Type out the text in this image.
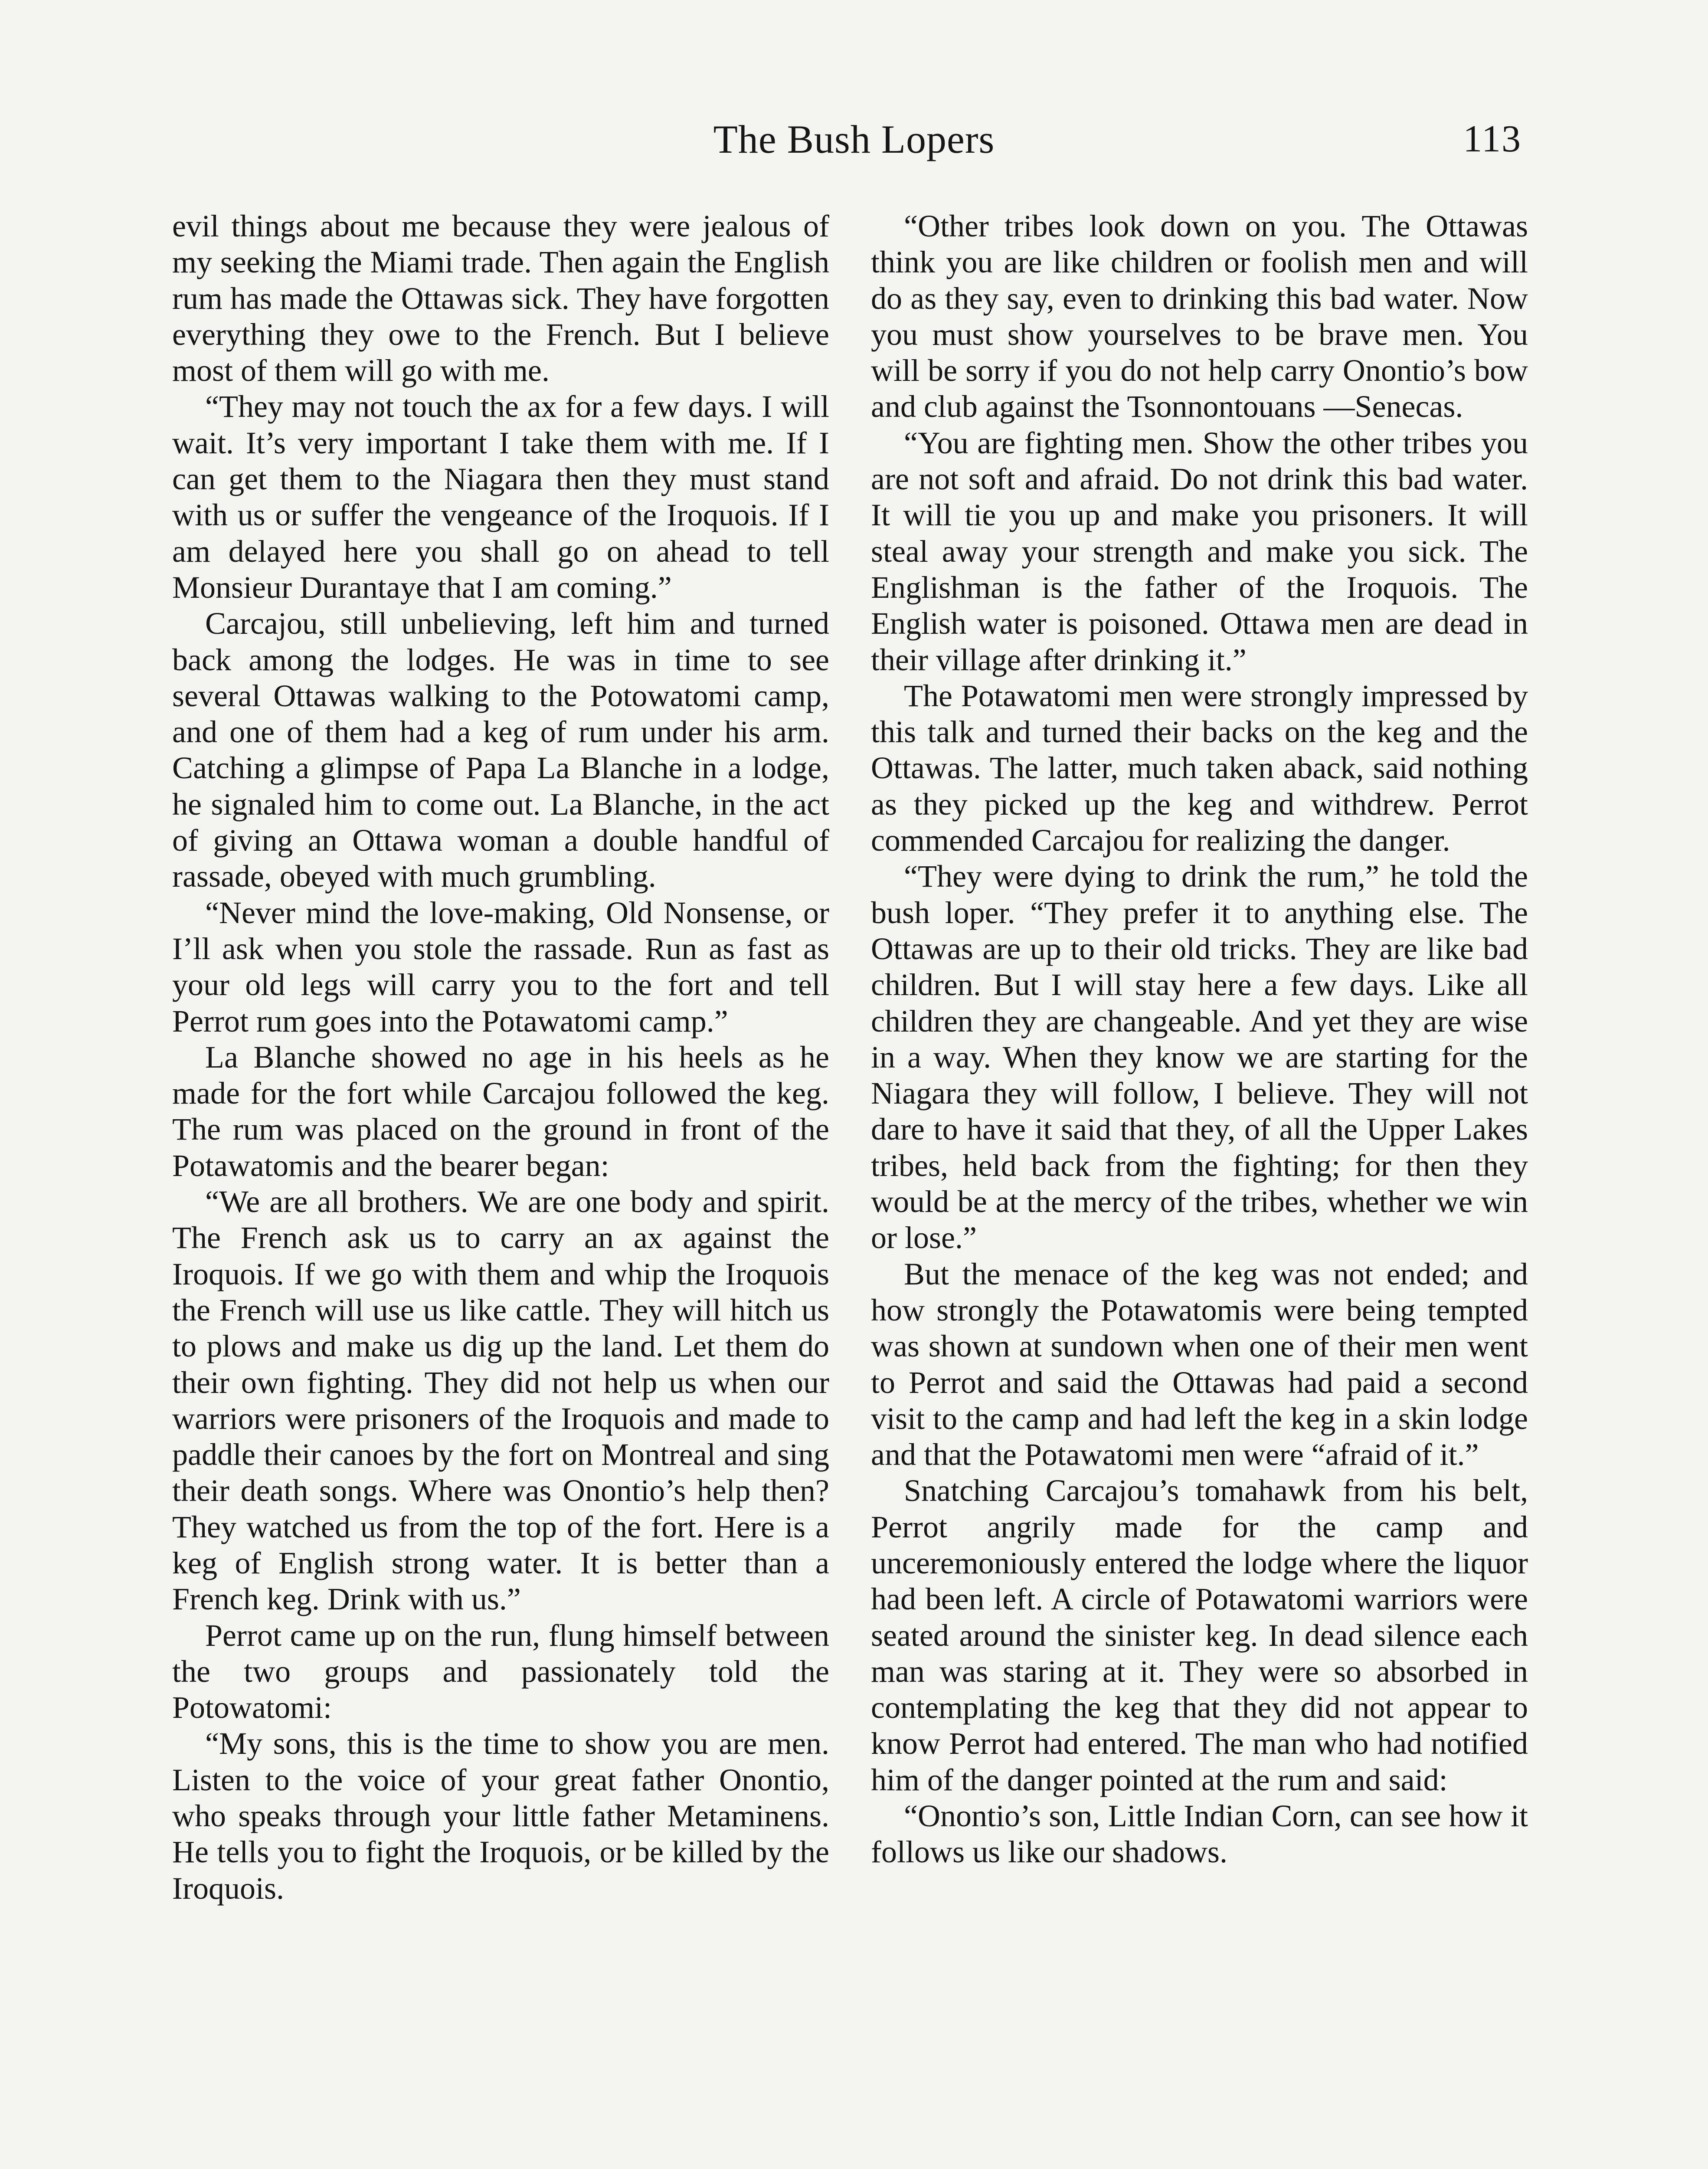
The Bush Lopers	113

evil things about me because they were jealous of my seeking the Miami trade. Then again the English rum has made the Ottawas sick. They have forgotten everything they owe to the French. But I believe most of them will go with me.

“They may not touch the ax for a few days. I will wait. It’s very important I take them with me. If I can get them to the Niagara then they must stand with us or suffer the vengeance of the Iroquois. If I am delayed here you shall go on ahead to tell Monsieur Durantaye that I am coming.”

Carcajou, still unbelieving, left him and turned back among the lodges. He was in time to see several Ottawas walking to the Potowatomi camp, and one of them had a keg of rum under his arm. Catching a glimpse of Papa La Blanche in a lodge, he signaled him to come out. La Blanche, in the act of giving an Ottawa woman a double handful of rassade, obeyed with much grumbling.

“Never mind the love-making, Old Nonsense, or I’ll ask when you stole the rassade. Run as fast as your old legs will carry you to the fort and tell Perrot rum goes into the Potawatomi camp.”

La Blanche showed no age in his heels as he made for the fort while Carcajou followed the keg. The rum was placed on the ground in front of the Potawatomis and the bearer began:

“We are all brothers. We are one body and spirit. The French ask us to carry an ax against the Iroquois. If we go with them and whip the Iroquois the French will use us like cattle. They will hitch us to plows and make us dig up the land. Let them do their own fighting. They did not help us when our warriors were prisoners of the Iroquois and made to paddle their canoes by the fort on Montreal and sing their death songs. Where was Onontio’s help then? They watched us from the top of the fort. Here is a keg of English strong water. It is better than a French keg. Drink with us.”

Perrot came up on the run, flung himself between the two groups and passionately told the Potowatomi:

“My sons, this is the time to show you are men. Listen to the voice of your great father Onontio, who speaks through your little father Metaminens. He tells you to fight the Iroquois, or be killed by the Iroquois.

“Other tribes look down on you. The Ottawas think you are like children or foolish men and will do as they say, even to drinking this bad water. Now you must show yourselves to be brave men. You will be sorry if you do not help carry Onontio’s bow and club against the Tsonnontouans —Senecas.

“You are fighting men. Show the other tribes you are not soft and afraid. Do not drink this bad water. It will tie you up and make you prisoners. It will steal away your strength and make you sick. The Englishman is the father of the Iroquois. The English water is poisoned. Ottawa men are dead in their village after drinking it.”

The Potawatomi men were strongly impressed by this talk and turned their backs on the keg and the Ottawas. The latter, much taken aback, said nothing as they picked up the keg and withdrew. Perrot commended Carcajou for realizing the danger.

“They were dying to drink the rum,” he told the bush loper. “They prefer it to anything else. The Ottawas are up to their old tricks. They are like bad children. But I will stay here a few days. Like all children they are changeable. And yet they are wise in a way. When they know we are starting for the Niagara they will follow, I believe. They will not dare to have it said that they, of all the Upper Lakes tribes, held back from the fighting; for then they would be at the mercy of the tribes, whether we win or lose.”

But the menace of the keg was not ended; and how strongly the Potawatomis were being tempted was shown at sundown when one of their men went to Perrot and said the Ottawas had paid a second visit to the camp and had left the keg in a skin lodge and that the Potawatomi men were “afraid of it.”

Snatching Carcajou’s tomahawk from his belt, Perrot angrily made for the camp and unceremoniously entered the lodge where the liquor had been left. A circle of Potawatomi warriors were seated around the sinister keg. In dead silence each man was staring at it. They were so absorbed in contemplating the keg that they did not appear to know Perrot had entered. The man who had notified him of the danger pointed at the rum and said:

“Onontio’s son, Little Indian Corn, can see how it follows us like our shadows.
